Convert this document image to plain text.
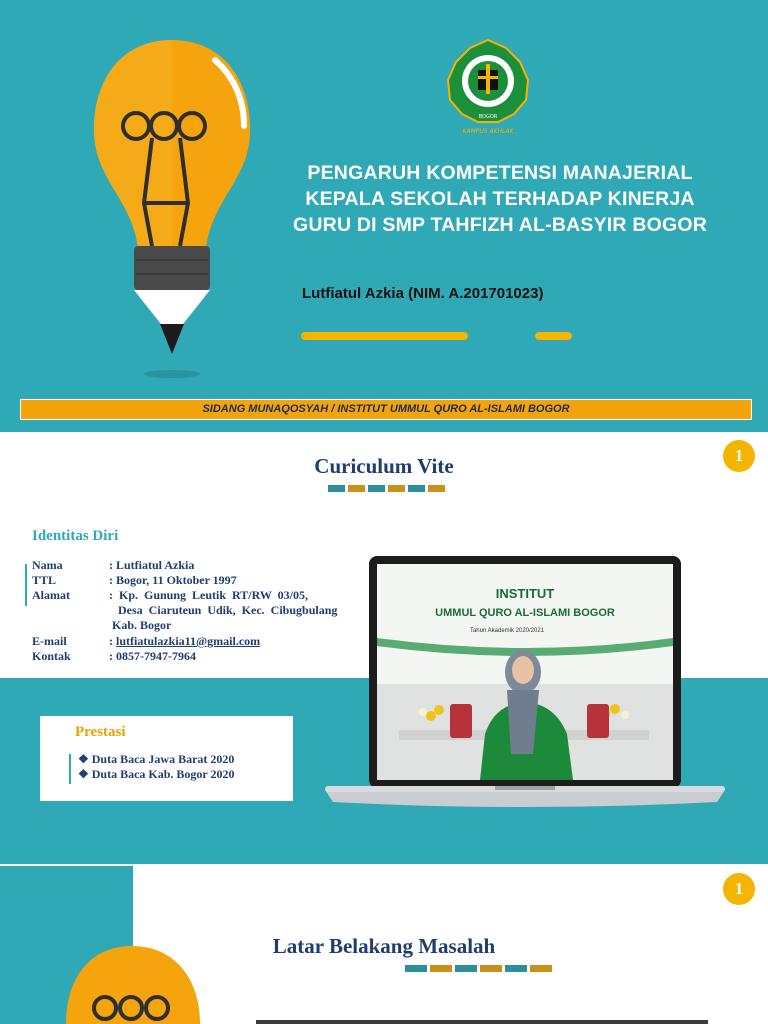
BOGOR
KAMPUS AKHLAK
PENGARUH KOMPETENSI MANAJERIAL
KEPALA SEKOLAH TERHADAP KINERJA
GURU DI SMP TAHFIZH AL-BASYIR BOGOR
Lutfiatul Azkia (NIM. A.201701023)
SIDANG MUNAQOSYAH / INSTITUT UMMUL QURO AL-ISLAMI BOGOR
1
Curiculum Vite
Identitas Diri
Nama	: Lutfiatul Azkia
TTL	: Bogor, 11 Oktober 1997
Alamat	:  Kp.  Gunung  Leutik  RT/RW  03/05,
Desa  Ciaruteun  Udik,  Kec.  Cibugbulang
Kab. Bogor
E-mail	: lutfiatulazkia11@gmail.com
Kontak	: 0857-7947-7964
Prestasi
❖ Duta Baca Jawa Barat 2020
❖ Duta Baca Kab. Bogor 2020
INSTITUT
UMMUL QURO AL-ISLAMI BOGOR
Tahun Akademik 2020/2021
1
Latar Belakang Masalah
